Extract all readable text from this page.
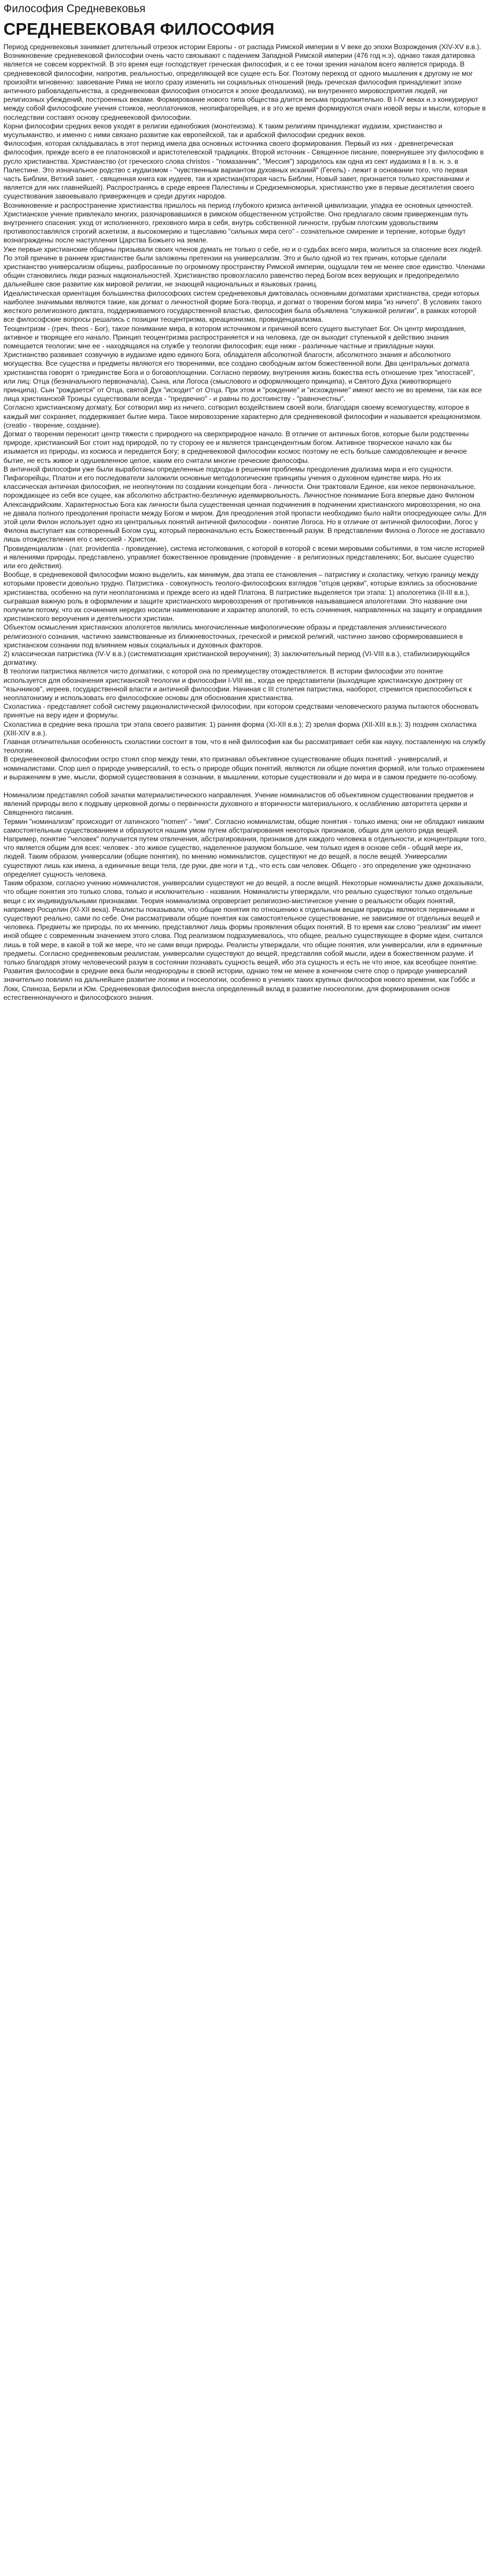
Философия Средневековья
СРЕДНЕВЕКОВАЯ ФИЛОСОФИЯ

Период средневековья занимает длительный отрезок истории Европы - от распада Римской империи в V веке до эпохи Возрождения (XIV-XV в.в.). Возникновение средневековой философии очень часто связывают с падением Западной Римской империи (476 год н.э), однако такая датировка является не совсем корректной. В это время еще господствует греческая философия, и с ее точки зрения началом всего является природа. В средневековой философии, напротив, реальностью, определяющей все сущее есть Бог. Поэтому переход от одного мышления к другому не мог произойти мгновенно: завоевание Рима не могло сразу изменить ни социальных отношений (ведь греческая философия принадлежит эпохе античного рабовладельчества, а средневековая философия относится к эпохе феодализма), ни внутреннего мировосприятия людей, ни религиозных убеждений, построенных веками. Формирование нового типа общества длится весьма продолжительно. В I-IV веках н.э конкурируют между собой философские учения стоиков, неоплатоников, неопифагорейцев, и в это же время формируются очаги новой веры и мысли, которые в последствии составят основу средневековой философии.

Корни философии средних веков уходят в религии единобожия (монотеизма). К таким религиям принадлежат иудаизм, христианство и мусульманство, и именно с ними связано развитие как европейской, так и арабской философии средних веков.

Философия, которая складывалась в этот период имела два основных источника своего формирования. Первый из них - древнегреческая философия, прежде всего в ее платоновской и аристотелевской традициях. Второй источник - Священное писание, повернувшее эту философию в русло христианства. Христианство (от греческого слова christos - "помазанник", "Мессия") зародилось как одна из сект иудаизма в I в. н. э. в Палестине. Это изначальное родство с иудаизмом - "чувственным вариантом духовных исканий" (Гегель) - лежит в основании того, что первая часть Библии, Ветхий завет, - священная книга как иудеев, так и христиан(вторая часть Библии, Новый завет, признается только христианами и является для них главнейшей). Распространясь в среде евреев Палестины и Средиземноморья, христианство уже в первые десятилетия своего существования завоевывало приверженцев и среди других народов.

Возникновение и распространение христианства пришлось на период глубокого кризиса античной цивилизации, упадка ее основных ценностей. Христианское учение привлекало многих, разочаровавшихся в римском общественном устройстве. Оно предлагало своим приверженцам путь внутреннего спасения: уход от исполненного, греховного мира в себя, внутрь собственной личности, грубым плотским удовольствиям противопоставлялся строгий аскетизм, а высокомерию и тщеславию "сильных мира сего" - сознательное смирение и терпение, которые будут вознаграждены после наступления Царства Божьего на земле.

Уже первые христианские общины призывали своих членов думать не только о себе, но и о судьбах всего мира, молиться за спасение всех людей. По этой причине в раннем христианстве были заложены претензии на универсализм. Это и было одной из тех причин, которые сделали христианство универсализм общины, разбросанные по огромному пространству Римской империи, ощущали тем не менее свое единство. Членами общин становились люди разных национальностей. Христианство провозгласило равенство перед Богом всех верующих и предопределило дальнейшее свое развитие как мировой религии, не знающей национальных и языковых границ.

Идеалистическая ориентация большинства философских систем средневековья диктовалась основными догматами христианства, среди которых наиболее значимыми являются такие, как догмат о личностной форме Бога-творца, и догмат о творении богом мира "из ничего". В условиях такого жесткого религиозного диктата, поддерживаемого государственной властью, философия была объявлена "служанкой религии", в рамках которой все философские вопросы решались с позиции теоцентризма, креационизма, провиденциализма.

Теоцентризм - (греч. theos - Бог), такое понимание мира, в котором источником и причиной всего сущего выступает Бог. Он центр мироздания, активное и творящее его начало. Принцип теоцентризма распространяется и на человека, где он выходит ступенькой к действию знания помещается теологии; мне ее - находящаяся на службе у теологии философия; еще ниже - различные частные и прикладные науки.

Христианство развивает созвучную в иудаизме идею единого Бога, обладателя абсолютной благости, абсолютного знания и абсолютного могущества. Все существа и предметы являются его творениями, все создано свободным актом божественной воли. Два центральных догмата христианства говорят о триединстве Бога и о боговоплощении. Согласно первому, внутренняя жизнь божества есть отношение трех "ипостасей", или лиц: Отца (безначального первоначала), Сына, или Логоса (смыслового и оформляющего принципа), и Святого Духа (животворящего принципа). Сын "рождается" от Отца, святой Дух "исходит" от Отца. При этом и "рождение" и "исхождение" имеют место не во времени, так как все лица христианской Троицы существовали всегда - "предвечно" - и равны по достоинству - "равночестны".

Согласно христианскому догмату, Бог сотворил мир из ничего, сотворил воздействием своей воли, благодаря своему всемогуществу, которое в каждый миг сохраняет, поддерживает бытие мира. Такое мировоззрение характерно для средневековой философии и называется креационизмом. (creatio - творение, создание).

Догмат о творении переносит центр тяжести с природного на сверхприродное начало. В отличие от античных богов, которые были родственны природе, христианский Бог стоит над природой, по ту сторону ее и является трансцендентным богом. Активное творческое начало как бы изымается из природы, из космоса и передается Богу; в средневековой философии космос поэтому не есть больше самодовлеющее и вечное бытие, не есть живое и одушевленное целое, каким его считали многие греческие философы.

В античной философии уже были выработаны определенные подходы в решении проблемы преодоления дуализма мира и его сущности. Пифагорейцы, Платон и его последователи заложили основные методологические принципы учения о духовном единстве мира. Но их классическая античная философия, не неопнутонии по создании концепции бога - личности. Они трактовали Единое, как некое первоначальное, порождающее из себя все сущее, как абсолютно абстрактно-безличную идеямирвольность. Личностное понимание Бога впервые дано Филоном Александрийским. Характерностью Бога как личности была существенная ценная подчинения в подчинении христианского мировоззрения, но она не давала полного преодоления пропасти между Богом и миром. Для преодоления этой пропасти необходимо было найти опосредующее силы. Для этой цели Филон использует одно из центральных понятий античной философии - понятие Логоса. Но в отличие от античной философии, Логос у Филона выступает как сотворенный Богом сущ, который первоначально есть Божественный разум. В представлении Филона о Логосе не доставало лишь отождествления его с мессией - Христом.

Провиденциализм - (лат. providentia - провидение), система истолкования, с которой в которой с всеми мировыми событиями, в том числе историей и явлениями природы, представлено, управляет божественное провидение (провидение - в религиозных представлениях; Бог, высшее существо или его действия).

Вообще, в средневековой философии можно выделить, как минимум, два этапа ее становления – патристику и схоластику, четкую границу между которыми провести довольно трудно. Патристика - совокупность теолого-философских взглядов "отцов церкви", которые взялись за обоснование христианства, особенно на пути неоплатонизма и прежде всего из идей Платона. В патристике выделяется три этапа: 1) апологетика (II-III в.в.), сыгравшая важную роль в оформлении и защите христианского мировоззрения от противников называвшиеся апологетами. Это название они получили потому, что их сочинения нередко носили наименование и характер апологий, то есть сочинения, направленных на защиту и оправдания христианского вероучения и деятельности христиан.

Объектом осмысления христианских апологетов являлись многочисленные мифологические образы и представления эллинистического религиозного сознания, частично заимствованные из ближневосточных, греческой и римской религий, частично заново сформировавшиеся в христианском сознании под влиянием новых социальных и духовных факторов.

2) классическая патристика (IV-V в.в.) (систематизация христианской вероучения); 3) заключительный период (VI-VIII в.в.), стабилизирующийся догматику.

В теологии патристика является чисто догматики, с которой она по преимуществу отождествляется. В истории философии это понятие используется для обозначения христианской теологии и философии I-VIII вв., когда ее представители (выходящие христианскую доктрину от "язычников", иереев, государственной власти и античной философии. Начиная с III столетия патристика, наоборот, стремится приспособиться к неоплатонизму и использовать его философские основы для обоснования христианства.

Схоластика - представляет собой систему рационалистической философии, при котором средствами человеческого разума пытаются обосновать принятые на веру идеи и формулы.

Схоластика в средние века прошла три этапа своего развития: 1) ранняя форма (XI-XII в.в.); 2) зрелая форма (XII-XIII в.в.); 3) поздняя схоластика (XIII-XIV в.в.).

Главная отличительная особенность схоластики состоит в том, что в ней философия как бы рассматривает себя как науку, поставленную на службу теологии.

В средневековой философии остро стоял спор между теми, кто признавал объективное существование общих понятий - универсалий, и номиналистами. Спор шел о природе универсалий, то есть о природе общих понятий, являются ли общие понятия формой, или только отражением и выражением в уме, мысли, формой существования в сознании, в мышлении, которые существовали и до мира и в самом предмете по-особому.

Номинализм представлял собой зачатки материалистического направления. Учение номиналистов об объективном существовании предметов и явлений природы вело к подрыву церковной догмы о первичности духовного и вторичности материального, к ослаблению авторитета церкви и Священного писания.

Термин "номинализм" происходит от латинского "nomen" - "имя". Согласно номиналистам, общие понятия - только имена; они не обладают никаким самостоятельным существованием и образуются нашим умом путем абстрагирования некоторых признаков, общих для целого ряда вещей. Например, понятие "человек" получается путем отвлечения, абстрагирования, признаков для каждого человека в отдельности, и концентрации того, что является общим для всех: человек - это живое существо, наделенное разумом большое, чем только идея в основе себя - общий мере их, людей. Таким образом, универсалии (общие понятия), по мнению номиналистов, существуют не до вещей, а после вещей. Универсалии существуют лишь как имена, а единичные вещи тела, где руки, две ноги и т.д., что есть сам человек. Общего - это определение уже однозначно определяет сущность человека.

Таким образом, согласно учению номиналистов, универсалии существуют не до вещей, а после вещей. Некоторые номиналисты даже доказывали, что общие понятия это только слова, только и исключительно - названия. Номиналисты утверждали, что реально существуют только отдельные вещи с их индивидуальными признаками. Теория номинализма опровергает религиозно-мистическое учение о реальности общих понятий, например Росцелин (XI-XII века). Реалисты показывали, что общие понятия по отношению к отдельным вещам природы являются первичными и существуют реально, сами по себе. Они рассматривали общие понятия как самостоятельное существование, не зависимое от отдельных вещей и человека. Предметы же природы, по их мнению, представляют лишь формы проявления общих понятий. В то время как слово "реализм" им имеет иной общее с современным значением этого слова. Под реализмом подразумевалось, что общее, реально существующее в форме идеи, считался лишь в той мере, в какой в той же мере, что не сами вещи природы. Реалисты утверждали, что общие понятия, или универсалии, или в единичные предметы. Согласно средневековым реалистам, универсалии существуют до вещей, представляя собой мысли, идеи в божественном разуме. И только благодаря этому человеческий разум в состоянии познавать сущность вещей, ибо эта сущность и есть не что иное, как всеобщее понятие.

Развития философии в средние века были неоднородны в своей истории, однако тем не менее в конечном счете спор о природе универсалий значительно повлиял на дальнейшее развитие логики и гносеологии, особенно в учениях таких крупных философов нового времени, как Гоббс и Локк, Спиноза, Беркли и Юм. Средневековая философия внесла определенный вклад в развитие гносеологии, для формирования основ естественнонаучного и философского знания.
